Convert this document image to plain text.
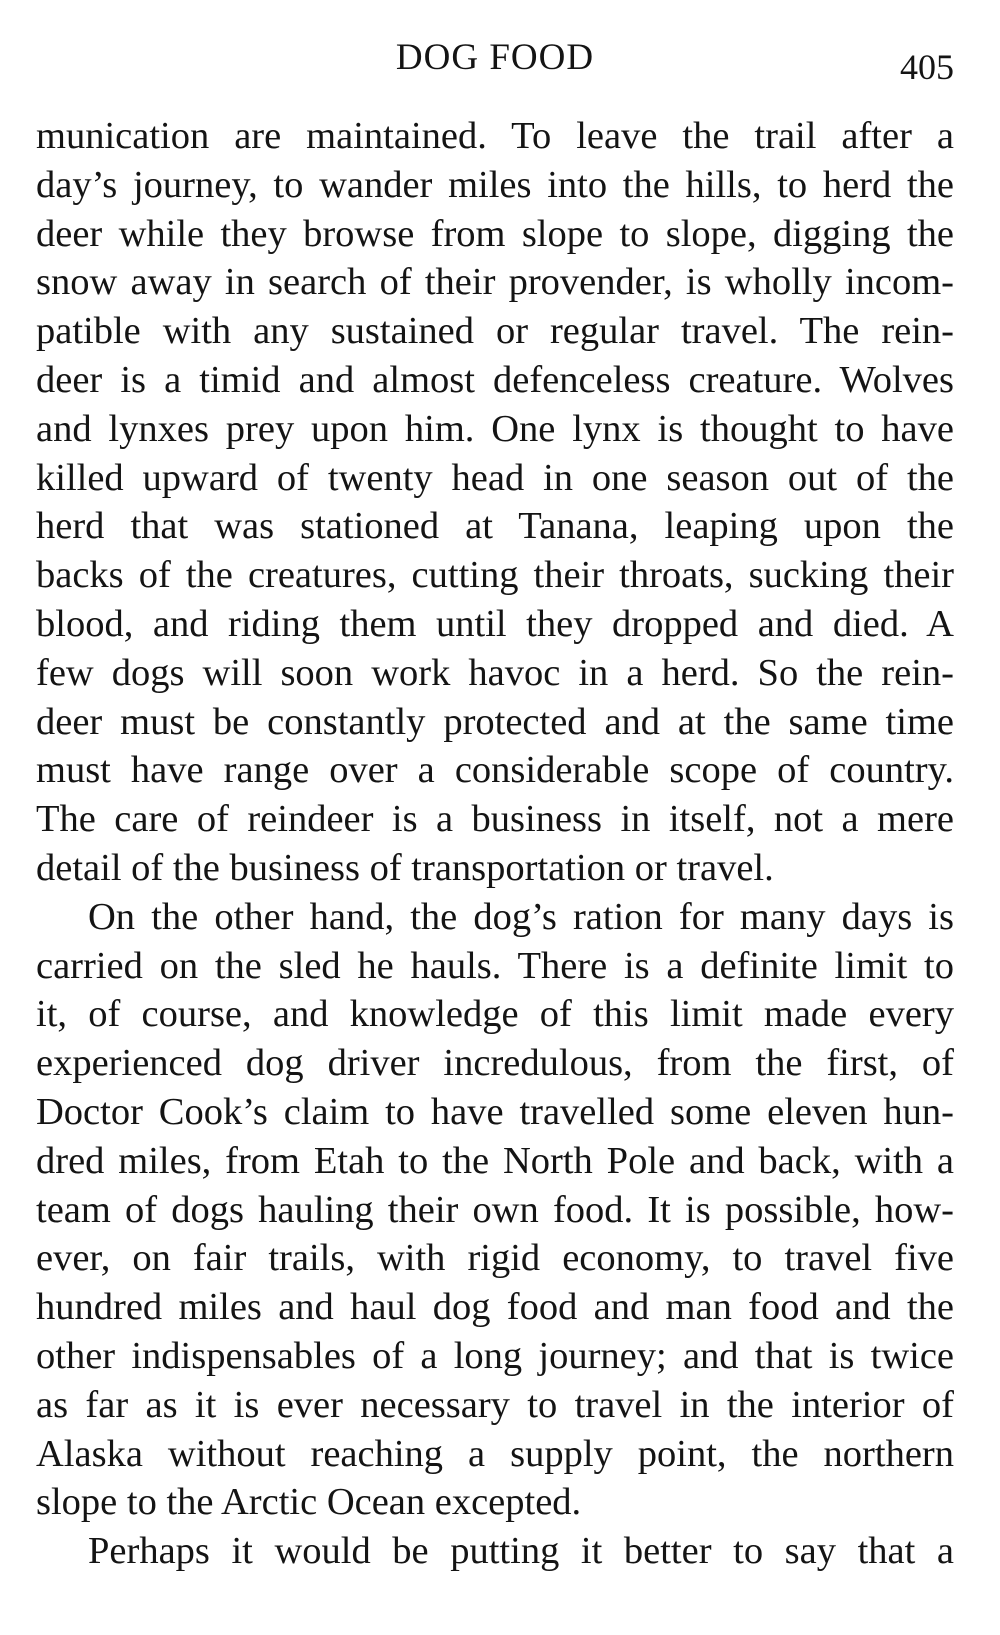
DOG FOOD	405
munication are maintained. To leave the trail after a
day’s journey, to wander miles into the hills, to herd the
deer while they browse from slope to slope, digging the
snow away in search of their provender, is wholly incom-
patible with any sustained or regular travel. The rein-
deer is a timid and almost defenceless creature. Wolves
and lynxes prey upon him. One lynx is thought to have
killed upward of twenty head in one season out of the
herd that was stationed at Tanana, leaping upon the
backs of the creatures, cutting their throats, sucking their
blood, and riding them until they dropped and died. A
few dogs will soon work havoc in a herd. So the rein-
deer must be constantly protected and at the same time
must have range over a considerable scope of country.
The care of reindeer is a business in itself, not a mere
detail of the business of transportation or travel.
On the other hand, the dog’s ration for many days is
carried on the sled he hauls. There is a definite limit to
it, of course, and knowledge of this limit made every
experienced dog driver incredulous, from the first, of
Doctor Cook’s claim to have travelled some eleven hun-
dred miles, from Etah to the North Pole and back, with a
team of dogs hauling their own food. It is possible, how-
ever, on fair trails, with rigid economy, to travel five
hundred miles and haul dog food and man food and the
other indispensables of a long journey; and that is twice
as far as it is ever necessary to travel in the interior of
Alaska without reaching a supply point, the northern
slope to the Arctic Ocean excepted.
Perhaps it would be putting it better to say that a
